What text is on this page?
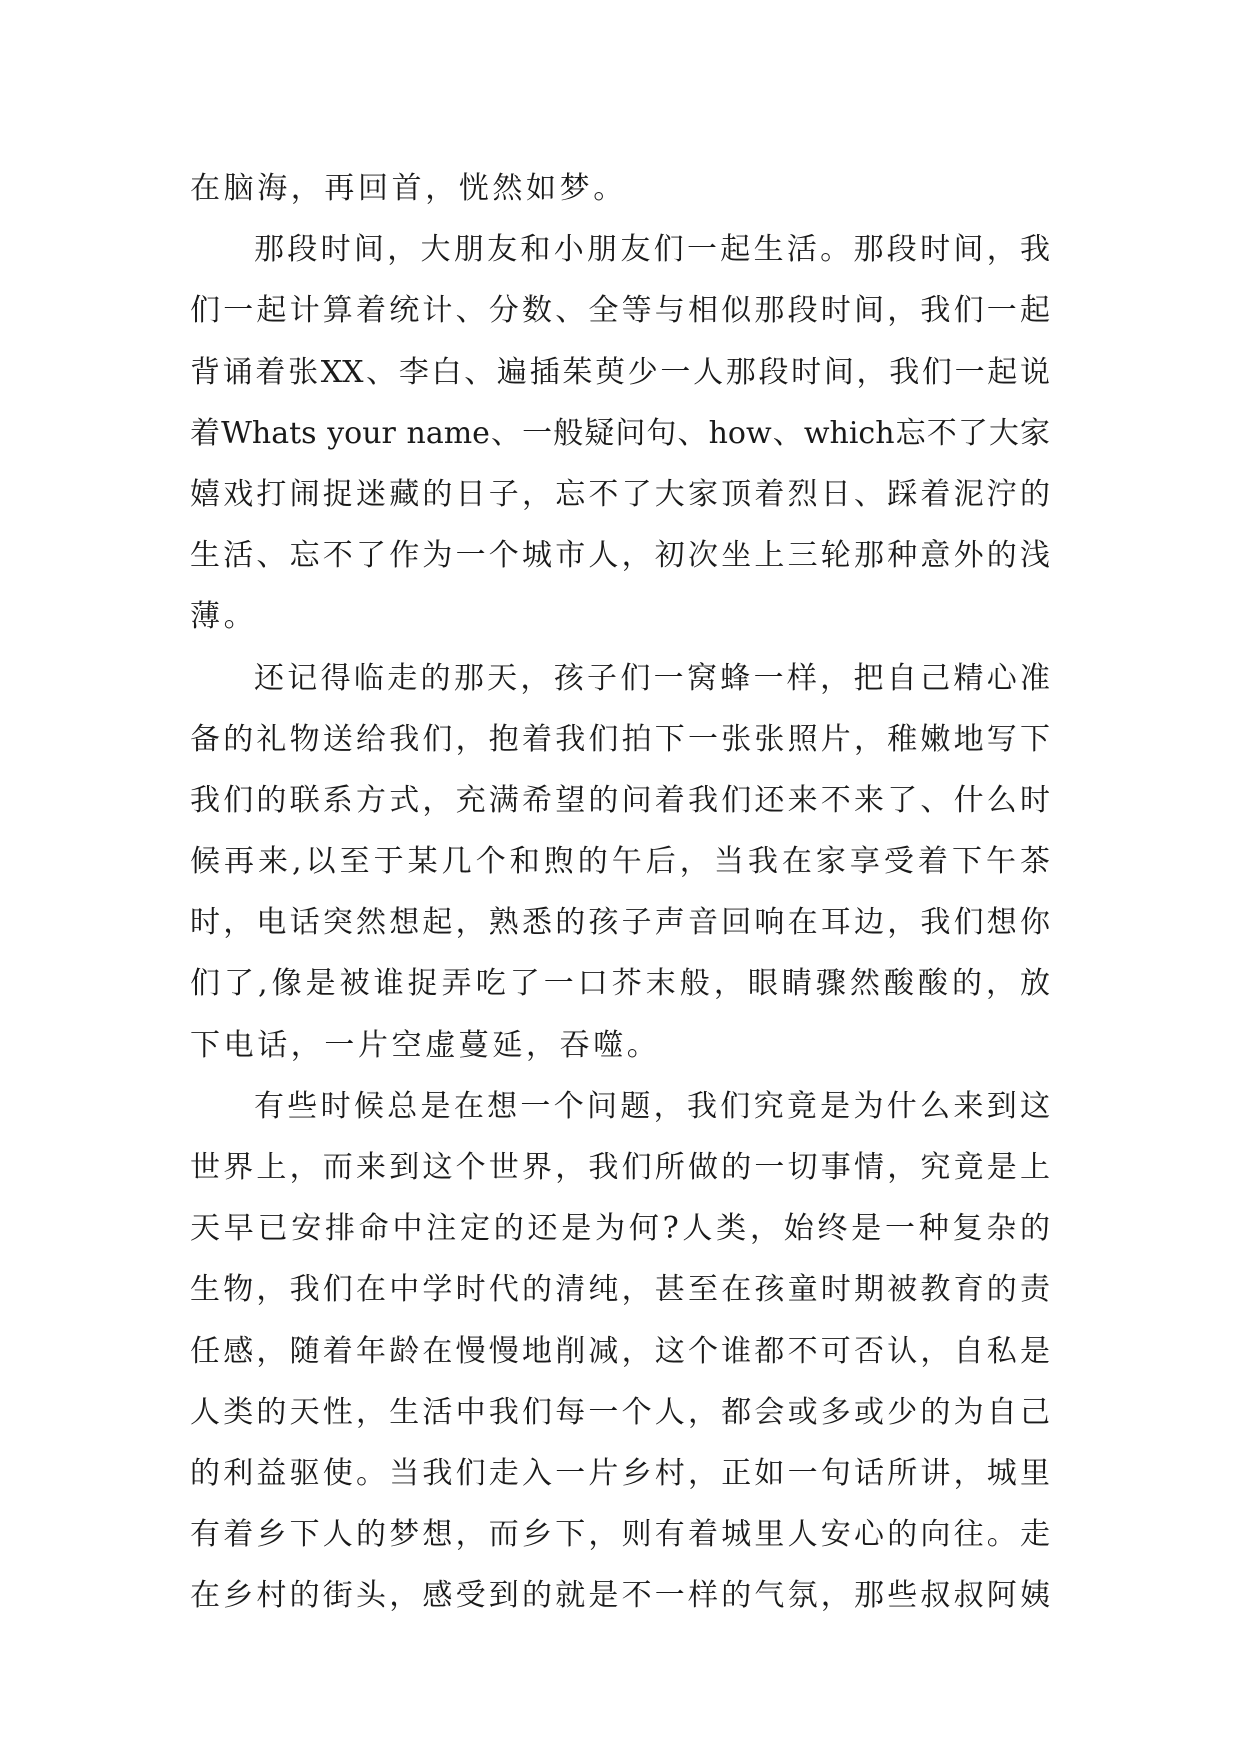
在脑海，再回首，恍然如梦。
那段时间，大朋友和小朋友们一起生活。那段时间，我
们一起计算着统计、分数、全等与相似那段时间，我们一起
背诵着张XX、李白、遍插茱萸少一人那段时间，我们一起说
着Whats your name、一般疑问句、how、which忘不了大家
嬉戏打闹捉迷藏的日子，忘不了大家顶着烈日、踩着泥泞的
生活、忘不了作为一个城市人，初次坐上三轮那种意外的浅
薄。
还记得临走的那天，孩子们一窝蜂一样，把自己精心准
备的礼物送给我们，抱着我们拍下一张张照片，稚嫩地写下
我们的联系方式，充满希望的问着我们还来不来了、什么时
候再来,以至于某几个和煦的午后，当我在家享受着下午茶
时，电话突然想起，熟悉的孩子声音回响在耳边，我们想你
们了,像是被谁捉弄吃了一口芥末般，眼睛骤然酸酸的，放
下电话，一片空虚蔓延，吞噬。
有些时候总是在想一个问题，我们究竟是为什么来到这
世界上，而来到这个世界，我们所做的一切事情，究竟是上
天早已安排命中注定的还是为何?人类，始终是一种复杂的
生物，我们在中学时代的清纯，甚至在孩童时期被教育的责
任感，随着年龄在慢慢地削减，这个谁都不可否认，自私是
人类的天性，生活中我们每一个人，都会或多或少的为自己
的利益驱使。当我们走入一片乡村，正如一句话所讲，城里
有着乡下人的梦想，而乡下，则有着城里人安心的向往。走
在乡村的街头，感受到的就是不一样的气氛，那些叔叔阿姨
